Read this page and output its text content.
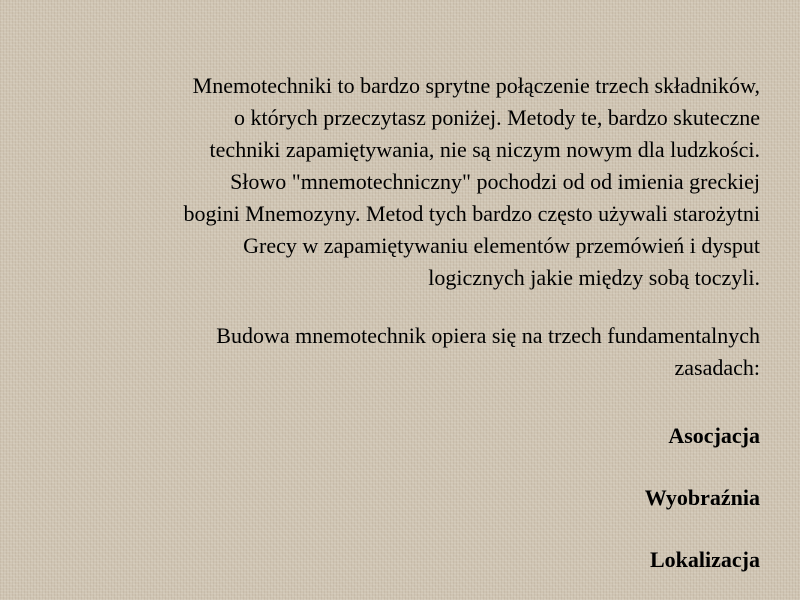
Mnemotechniki to bardzo sprytne połączenie trzech składników,
o których przeczytasz poniżej. Metody te, bardzo skuteczne
techniki zapamiętywania, nie są niczym nowym dla ludzkości.
Słowo "mnemotechniczny" pochodzi od od imienia greckiej
bogini Mnemozyny. Metod tych bardzo często używali starożytni
Grecy w zapamiętywaniu elementów przemówień i dysput
logicznych jakie między sobą toczyli.

Budowa mnemotechnik opiera się na trzech fundamentalnych
zasadach:

Asocjacja

Wyobraźnia

Lokalizacja
